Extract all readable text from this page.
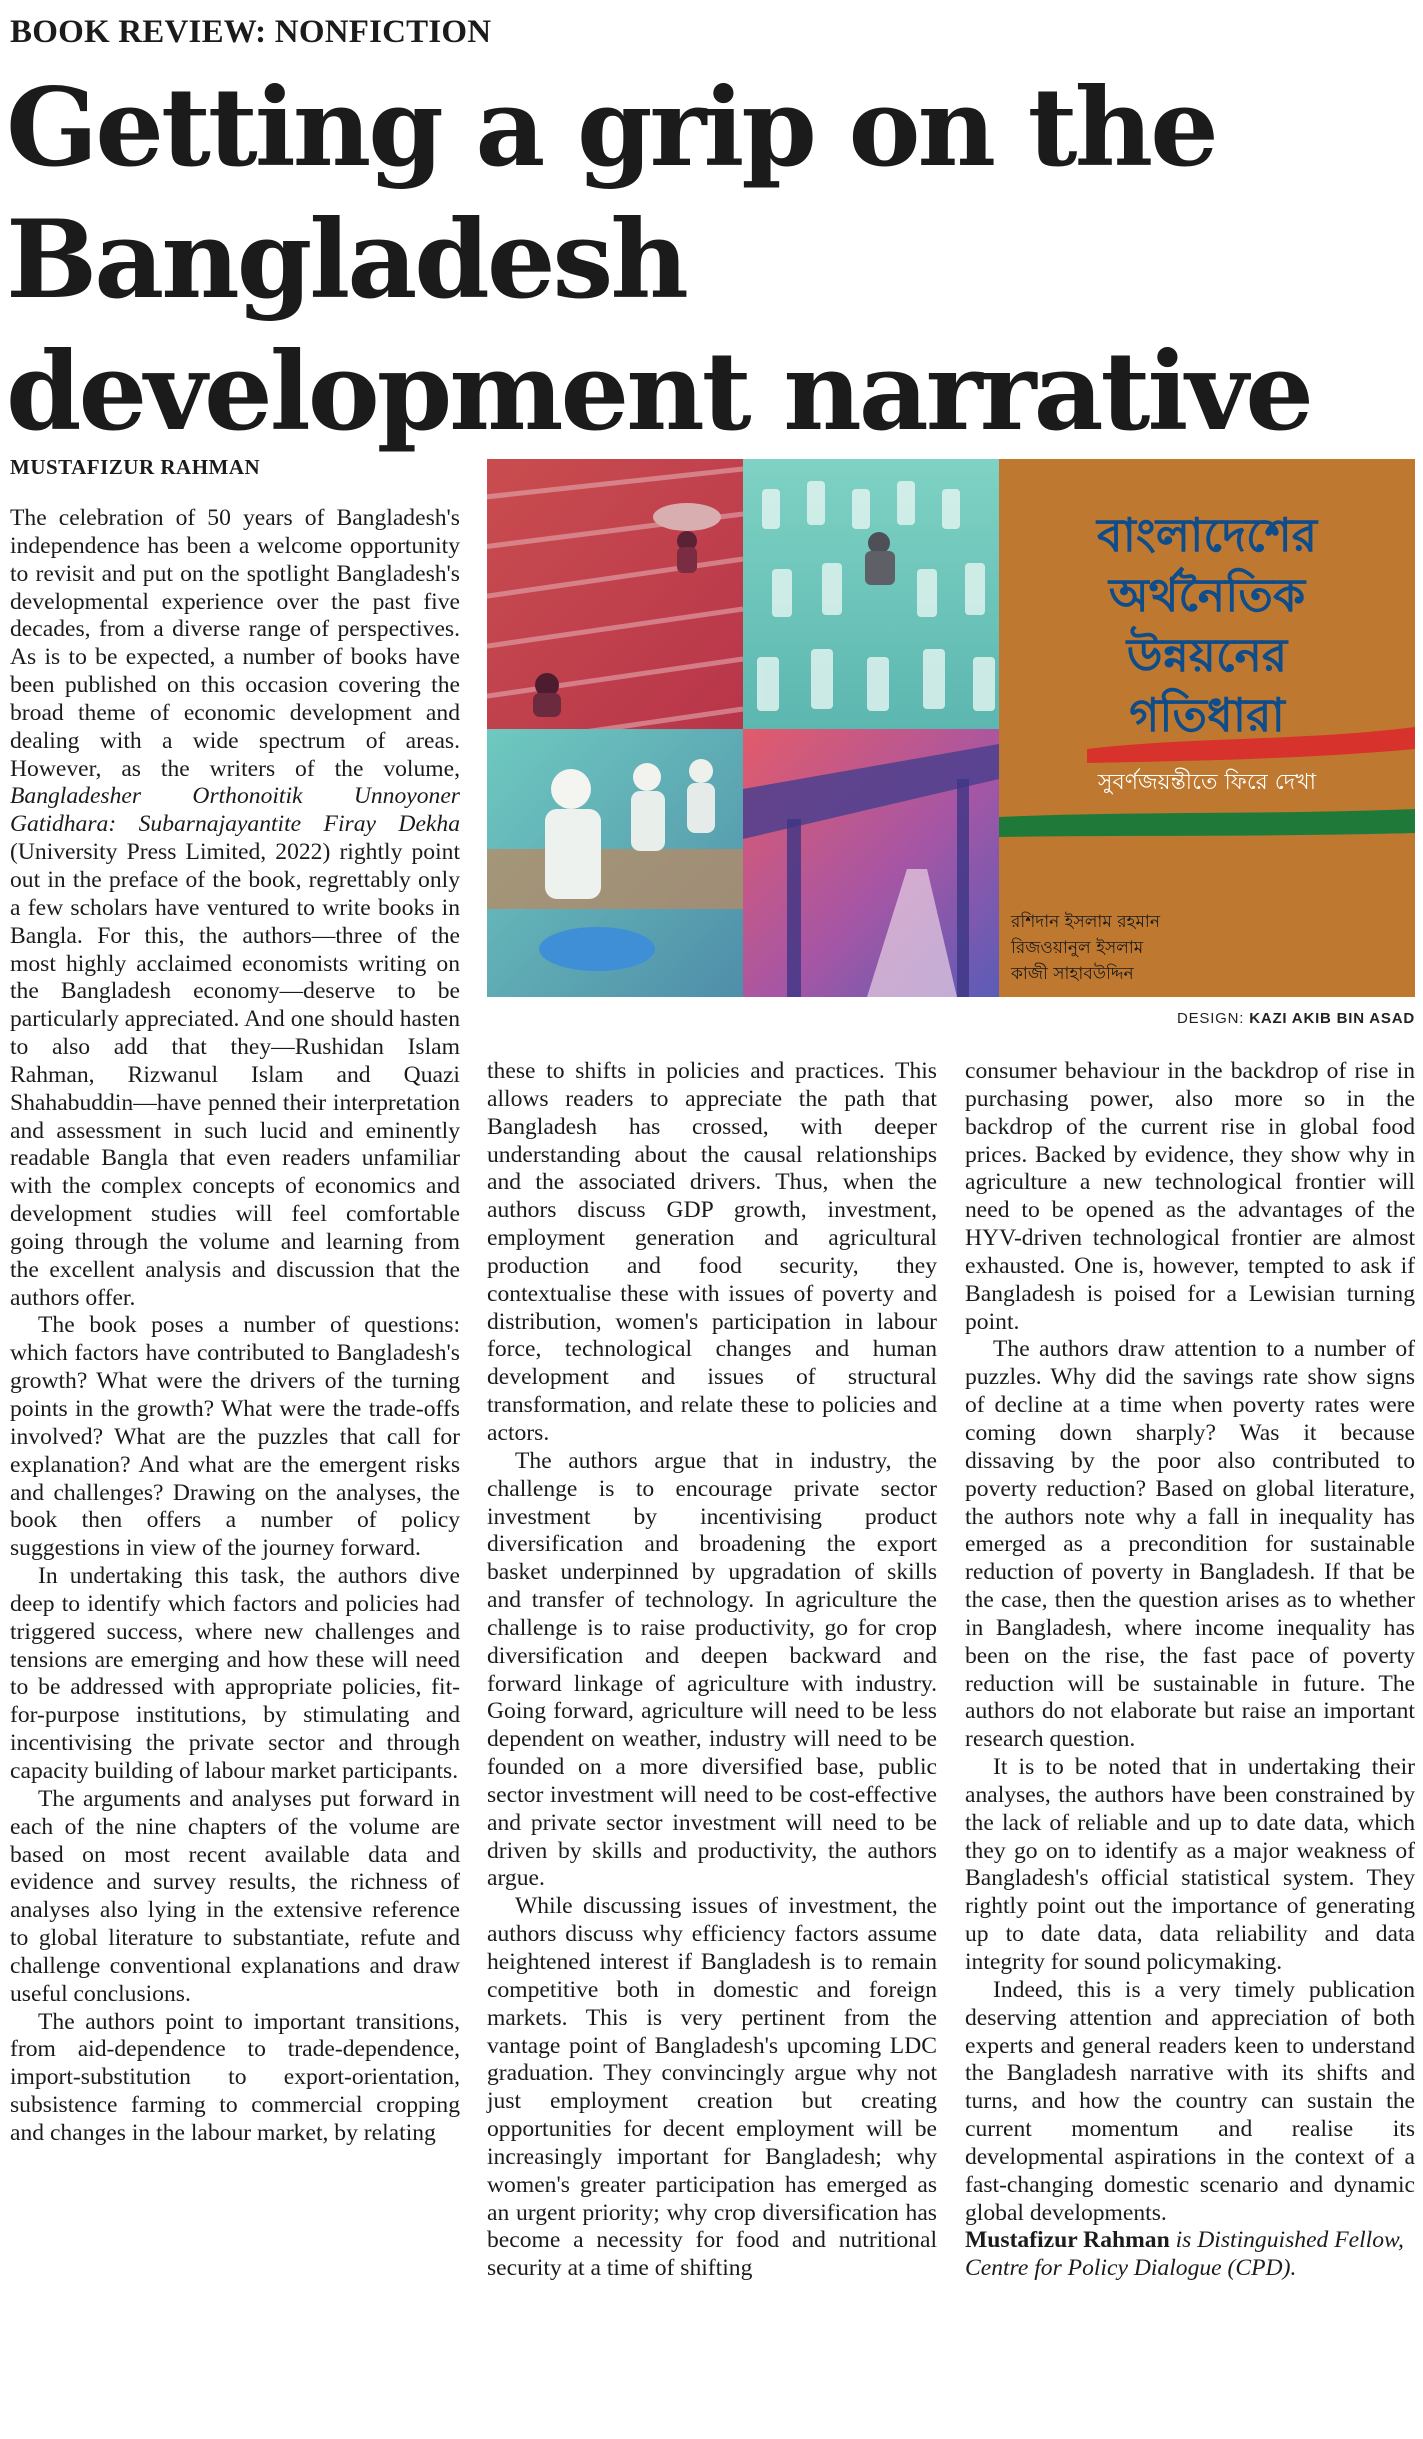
BOOK REVIEW: NONFICTION
Getting a grip on the Bangladesh development narrative
MUSTAFIZUR RAHMAN

The celebration of 50 years of Bangladesh's independence has been a welcome opportunity to revisit and put on the spotlight Bangladesh's developmental experience over the past five decades, from a diverse range of perspectives. As is to be expected, a number of books have been published on this occasion covering the broad theme of economic development and dealing with a wide spectrum of areas. However, as the writers of the volume, Bangladesher Orthonoitik Unnoyoner Gatidhara: Subarnajayantite Firay Dekha (University Press Limited, 2022) rightly point out in the preface of the book, regrettably only a few scholars have ventured to write books in Bangla. For this, the authors—three of the most highly acclaimed economists writing on the Bangladesh economy—deserve to be particularly appreciated. And one should hasten to also add that they—Rushidan Islam Rahman, Rizwanul Islam and Quazi Shahabuddin—have penned their interpretation and assessment in such lucid and eminently readable Bangla that even readers unfamiliar with the complex concepts of economics and development studies will feel comfortable going through the volume and learning from the excellent analysis and discussion that the authors offer.

The book poses a number of questions: which factors have contributed to Bangladesh's growth? What were the drivers of the turning points in the growth? What were the trade-offs involved? What are the puzzles that call for explanation? And what are the emergent risks and challenges? Drawing on the analyses, the book then offers a number of policy suggestions in view of the journey forward.

In undertaking this task, the authors dive deep to identify which factors and policies had triggered success, where new challenges and tensions are emerging and how these will need to be addressed with appropriate policies, fit-for-purpose institutions, by stimulating and incentivising the private sector and through capacity building of labour market participants.

The arguments and analyses put forward in each of the nine chapters of the volume are based on most recent available data and evidence and survey results, the richness of analyses also lying in the extensive reference to global literature to substantiate, refute and challenge conventional explanations and draw useful conclusions.

The authors point to important transitions, from aid-dependence to trade-dependence, import-substitution to export-orientation, subsistence farming to commercial cropping and changes in the labour market, by relating

বাংলাদেশের
অর্থনৈতিক
উন্নয়নের
গতিধারা
সুবর্ণজয়ন্তীতে ফিরে দেখা
রশিদান ইসলাম রহমান
রিজওয়ানুল ইসলাম
কাজী সাহাবউদ্দিন
DESIGN: KAZI AKIB BIN ASAD

these to shifts in policies and practices. This allows readers to appreciate the path that Bangladesh has crossed, with deeper understanding about the causal relationships and the associated drivers. Thus, when the authors discuss GDP growth, investment, employment generation and agricultural production and food security, they contextualise these with issues of poverty and distribution, women's participation in labour force, technological changes and human development and issues of structural transformation, and relate these to policies and actors.

The authors argue that in industry, the challenge is to encourage private sector investment by incentivising product diversification and broadening the export basket underpinned by upgradation of skills and transfer of technology. In agriculture the challenge is to raise productivity, go for crop diversification and deepen backward and forward linkage of agriculture with industry. Going forward, agriculture will need to be less dependent on weather, industry will need to be founded on a more diversified base, public sector investment will need to be cost-effective and private sector investment will need to be driven by skills and productivity, the authors argue.

While discussing issues of investment, the authors discuss why efficiency factors assume heightened interest if Bangladesh is to remain competitive both in domestic and foreign markets. This is very pertinent from the vantage point of Bangladesh's upcoming LDC graduation. They convincingly argue why not just employment creation but creating opportunities for decent employment will be increasingly important for Bangladesh; why women's greater participation has emerged as an urgent priority; why crop diversification has become a necessity for food and nutritional security at a time of shifting

consumer behaviour in the backdrop of rise in purchasing power, also more so in the backdrop of the current rise in global food prices. Backed by evidence, they show why in agriculture a new technological frontier will need to be opened as the advantages of the HYV-driven technological frontier are almost exhausted. One is, however, tempted to ask if Bangladesh is poised for a Lewisian turning point.

The authors draw attention to a number of puzzles. Why did the savings rate show signs of decline at a time when poverty rates were coming down sharply? Was it because dissaving by the poor also contributed to poverty reduction? Based on global literature, the authors note why a fall in inequality has emerged as a precondition for sustainable reduction of poverty in Bangladesh. If that be the case, then the question arises as to whether in Bangladesh, where income inequality has been on the rise, the fast pace of poverty reduction will be sustainable in future. The authors do not elaborate but raise an important research question.

It is to be noted that in undertaking their analyses, the authors have been constrained by the lack of reliable and up to date data, which they go on to identify as a major weakness of Bangladesh's official statistical system. They rightly point out the importance of generating up to date data, data reliability and data integrity for sound policymaking.

Indeed, this is a very timely publication deserving attention and appreciation of both experts and general readers keen to understand the Bangladesh narrative with its shifts and turns, and how the country can sustain the current momentum and realise its developmental aspirations in the context of a fast-changing domestic scenario and dynamic global developments.

Mustafizur Rahman is Distinguished Fellow, Centre for Policy Dialogue (CPD).
